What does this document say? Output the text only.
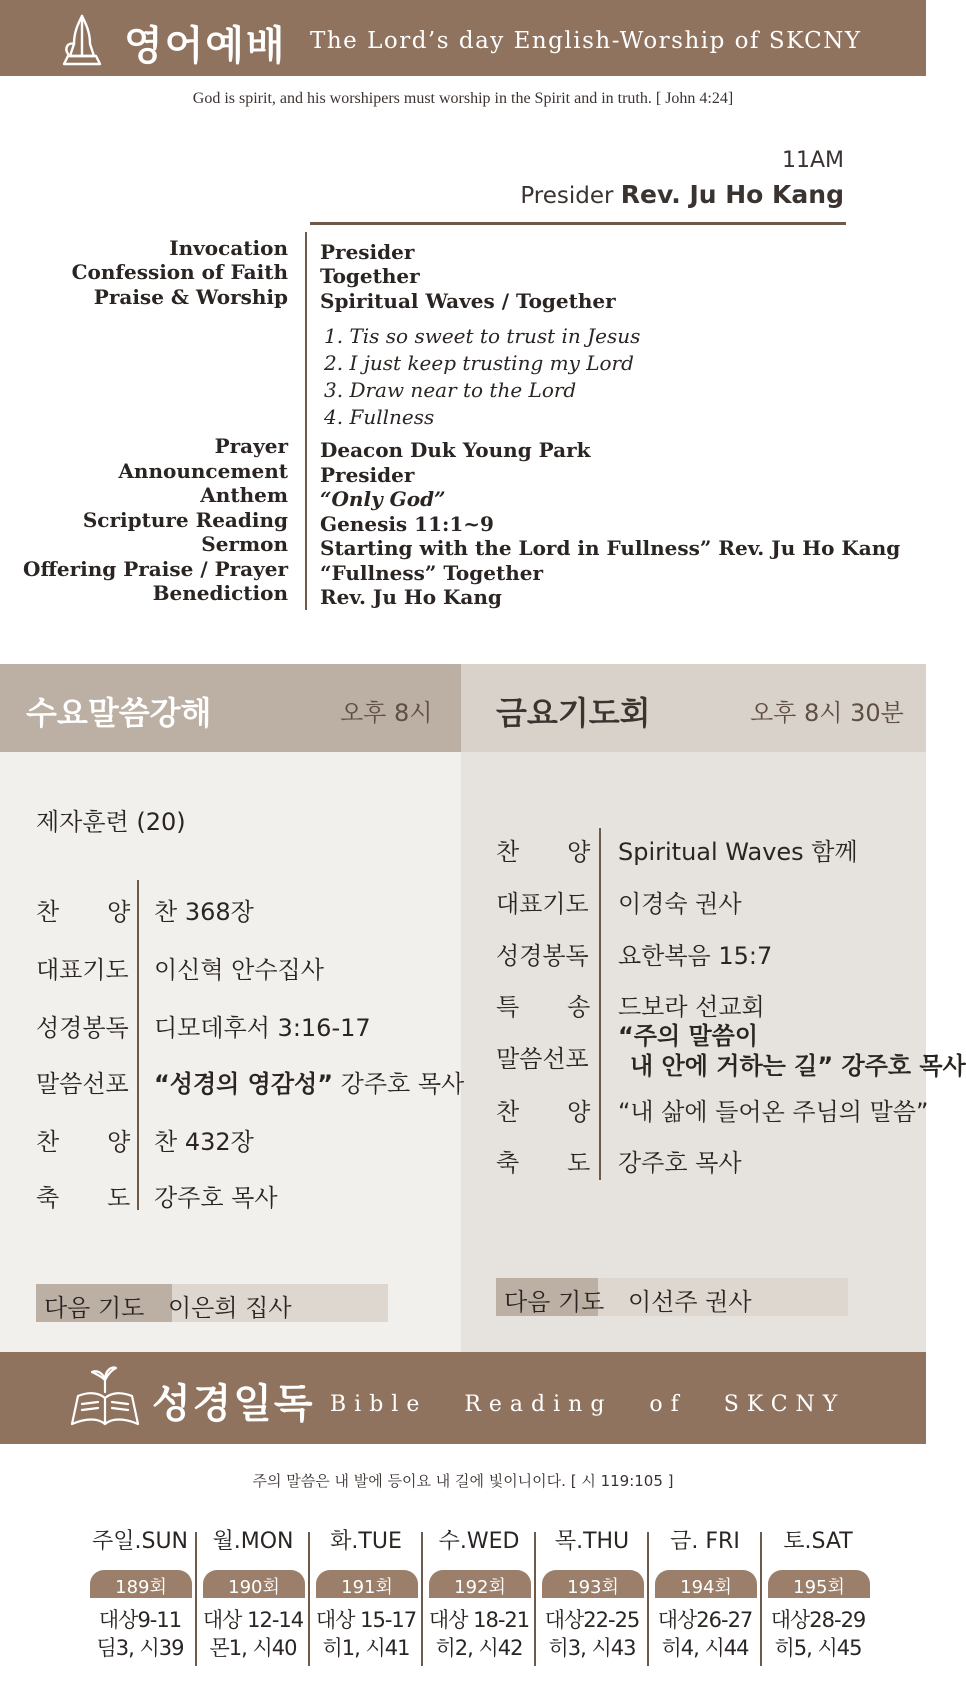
영어예배 The Lord’s day English-Worship of SKCNY
God is spirit, and his worshipers must worship in the Spirit and in truth. [ John 4:24]
11AM
Presider Rev. Ju Ho Kang
Invocation Presider
Confession of Faith Together
Praise & Worship Spiritual Waves / Together
1. Tis so sweet to trust in Jesus
2. I just keep trusting my Lord
3. Draw near to the Lord
4. Fullness
Prayer Deacon Duk Young Park
Announcement Presider
Anthem “Only God”
Scripture Reading Genesis 11:1~9
Sermon Starting with the Lord in Fullness” Rev. Ju Ho Kang
Offering Praise / Prayer “Fullness” Together
Benediction Rev. Ju Ho Kang
수요말씀강해	오후 8시 금요기도회	오후 8시 30분
제자훈련 (20)
찬　　양 찬 368장
대표기도 이신혁 안수집사
성경봉독 디모데후서 3:16-17
말씀선포 “성경의 영감성” 강주호 목사
찬　　양 찬 432장
축　　도 강주호 목사
다음 기도 이은희 집사
찬　　양 Spiritual Waves 함께
대표기도 이경숙 권사
성경봉독 요한복음 15:7
특　　송 드보라 선교회
말씀선포
“주의 말씀이
내 안에 거하는 길” 강주호 목사
찬　　양 “내 삶에 들어온 주님의 말씀”
축　　도 강주호 목사
다음 기도 이선주 권사
성경일독 Bible Reading of SKCNY
주의 말씀은 내 발에 등이요 내 길에 빛이니이다. [ 시 119:105 ]
주일.SUN
189회
대상9-11
딤3, 시39
월.MON
190회
대상 12-14
몬1, 시40
화.TUE
191회
대상 15-17
히1, 시41
수.WED
192회
대상 18-21
히2, 시42
목.THU
193회
대상22-25
히3, 시43
금. FRI
194회
대상26-27
히4, 시44
토.SAT
195회
대상28-29
히5, 시45
